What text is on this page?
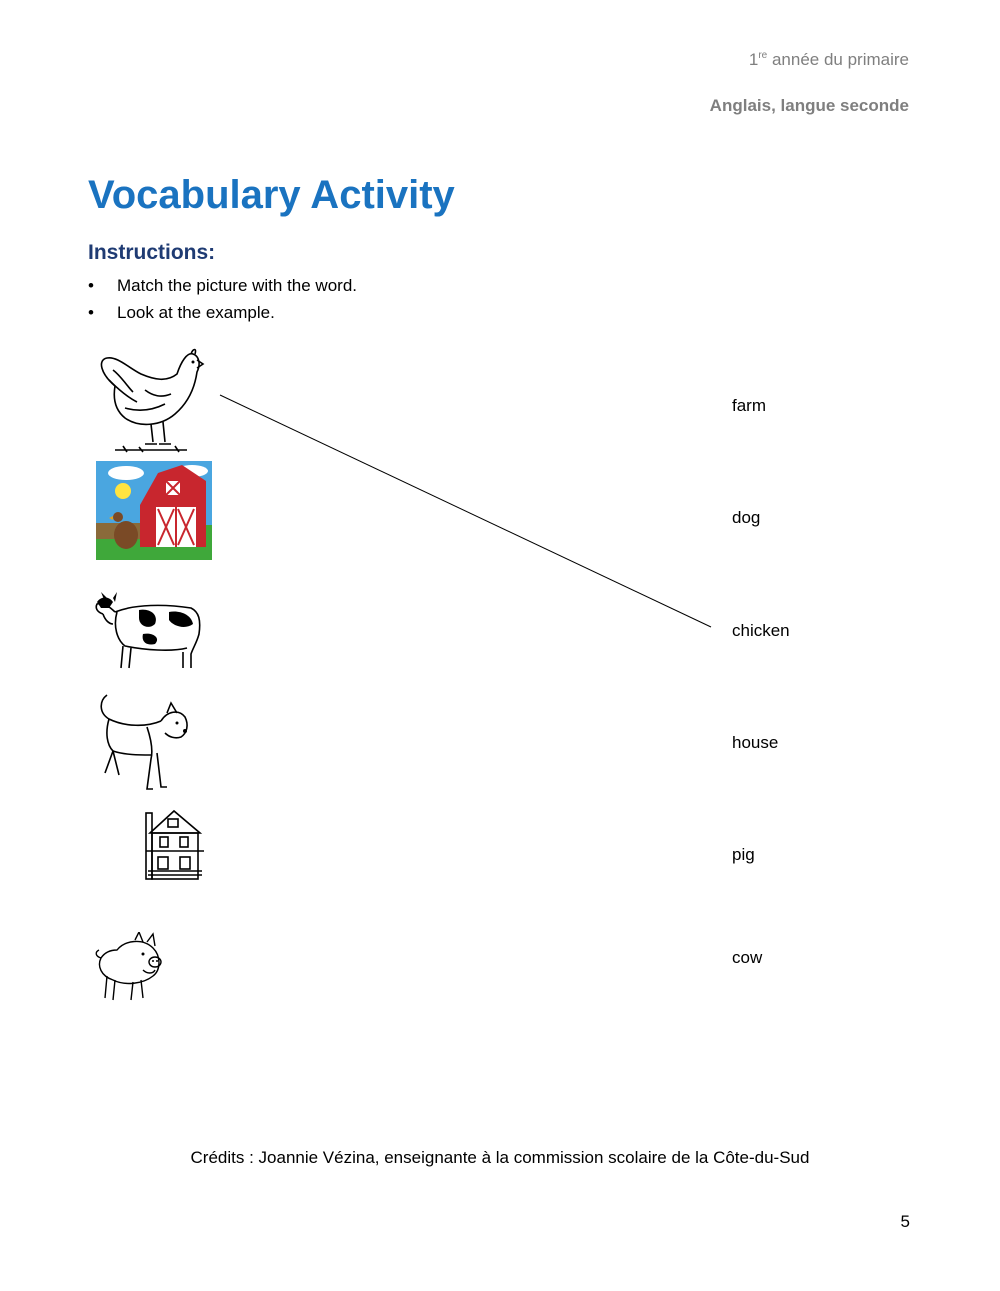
1re année du primaire
Anglais, langue seconde
Vocabulary Activity
Instructions:
• Match the picture with the word.
• Look at the example.
farm
dog
chicken
house
pig
cow
Crédits : Joannie Vézina, enseignante à la commission scolaire de la Côte-du-Sud
5
